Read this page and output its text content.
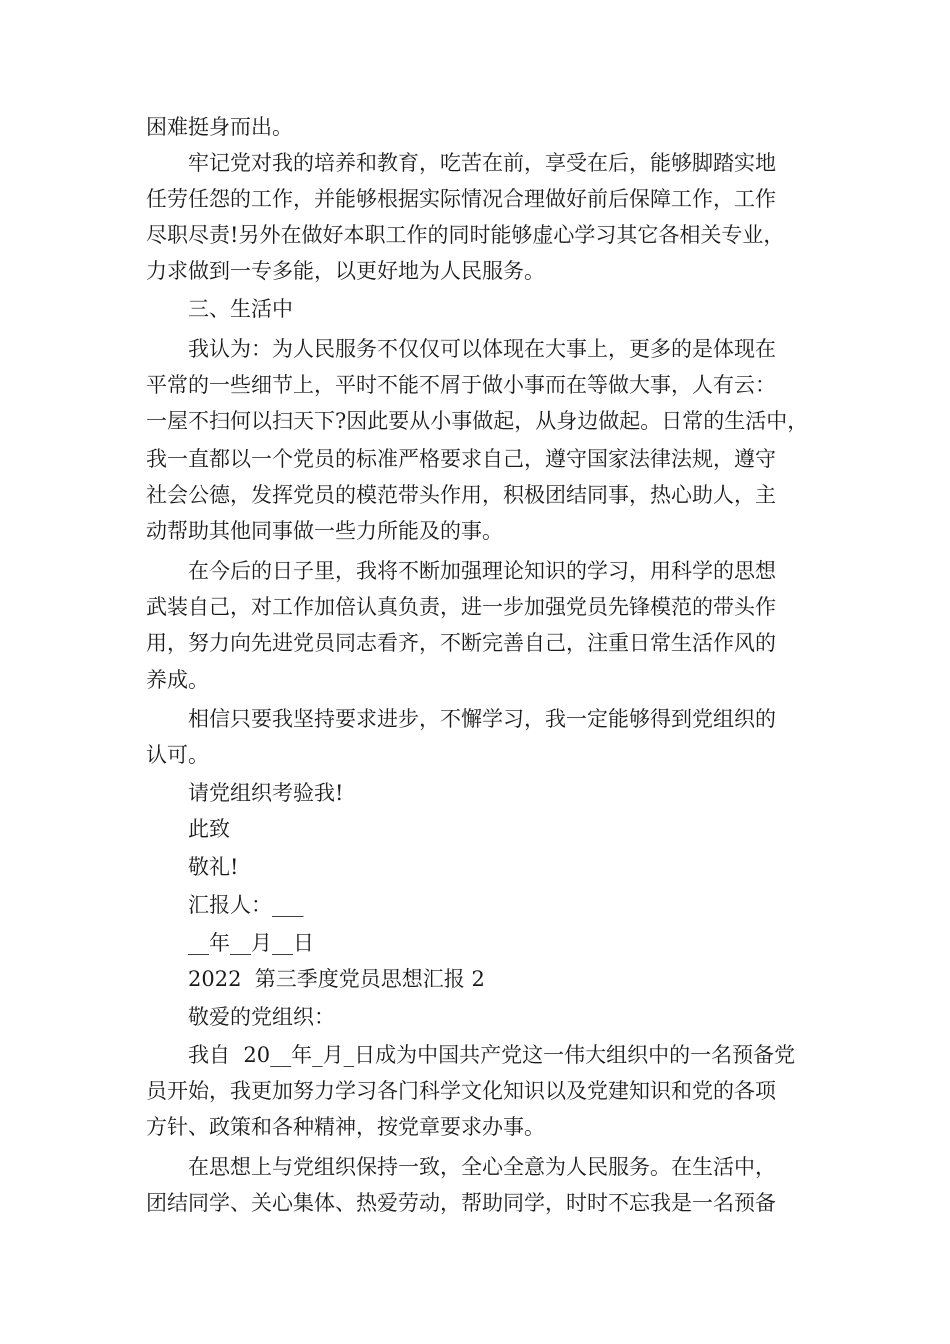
困难挺身而出。
牢记党对我的培养和教育，吃苦在前，享受在后，能够脚踏实地
任劳任怨的工作，并能够根据实际情况合理做好前后保障工作，工作
尽职尽责!另外在做好本职工作的同时能够虚心学习其它各相关专业，
力求做到一专多能，以更好地为人民服务。
三、生活中
我认为：为人民服务不仅仅可以体现在大事上，更多的是体现在
平常的一些细节上，平时不能不屑于做小事而在等做大事，人有云：
一屋不扫何以扫天下?因此要从小事做起，从身边做起。日常的生活中，
我一直都以一个党员的标准严格要求自己，遵守国家法律法规，遵守
社会公德，发挥党员的模范带头作用，积极团结同事，热心助人，主
动帮助其他同事做一些力所能及的事。
在今后的日子里，我将不断加强理论知识的学习，用科学的思想
武装自己，对工作加倍认真负责，进一步加强党员先锋模范的带头作
用，努力向先进党员同志看齐，不断完善自己，注重日常生活作风的
养成。
相信只要我坚持要求进步，不懈学习，我一定能够得到党组织的
认可。
请党组织考验我!
此致
敬礼!
汇报人：___
__年__月__日
2022  第三季度党员思想汇报 2
敬爱的党组织：
我自  20__年_月_日成为中国共产党这一伟大组织中的一名预备党
员开始，我更加努力学习各门科学文化知识以及党建知识和党的各项
方针、政策和各种精神，按党章要求办事。
在思想上与党组织保持一致，全心全意为人民服务。在生活中，
团结同学、关心集体、热爱劳动，帮助同学，时时不忘我是一名预备
